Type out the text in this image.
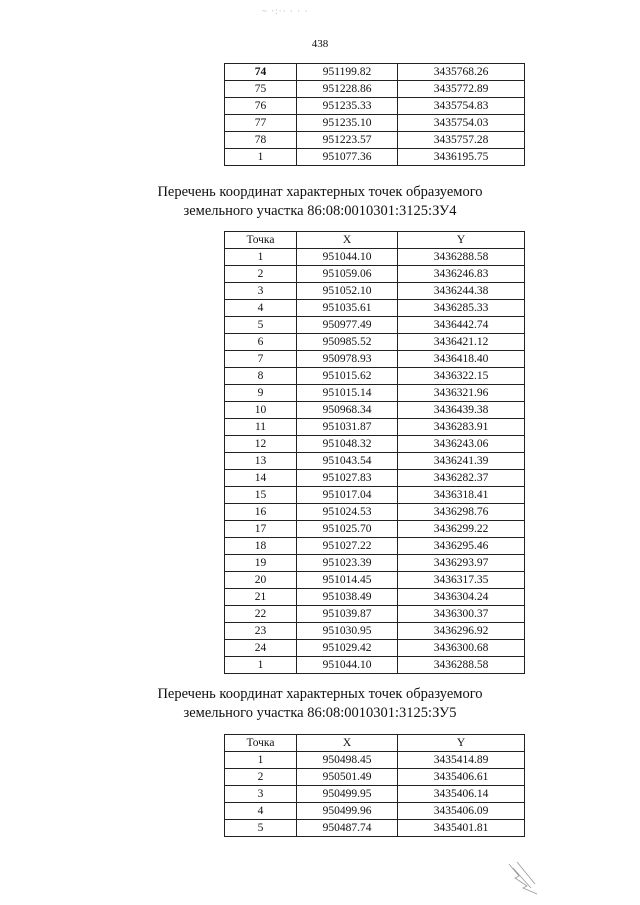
~ ·:·· · · ·
438
74	951199.82	3435768.26
75	951228.86	3435772.89
76	951235.33	3435754.83
77	951235.10	3435754.03
78	951223.57	3435757.28
1	951077.36	3436195.75
Перечень координат характерных точек образуемого
земельного участка 86:08:0010301:3125:ЗУ4
Точка	X	Y
1	951044.10	3436288.58
2	951059.06	3436246.83
3	951052.10	3436244.38
4	951035.61	3436285.33
5	950977.49	3436442.74
6	950985.52	3436421.12
7	950978.93	3436418.40
8	951015.62	3436322.15
9	951015.14	3436321.96
10	950968.34	3436439.38
11	951031.87	3436283.91
12	951048.32	3436243.06
13	951043.54	3436241.39
14	951027.83	3436282.37
15	951017.04	3436318.41
16	951024.53	3436298.76
17	951025.70	3436299.22
18	951027.22	3436295.46
19	951023.39	3436293.97
20	951014.45	3436317.35
21	951038.49	3436304.24
22	951039.87	3436300.37
23	951030.95	3436296.92
24	951029.42	3436300.68
1	951044.10	3436288.58
Перечень координат характерных точек образуемого
земельного участка 86:08:0010301:3125:ЗУ5
Точка	X	Y
1	950498.45	3435414.89
2	950501.49	3435406.61
3	950499.95	3435406.14
4	950499.96	3435406.09
5	950487.74	3435401.81
